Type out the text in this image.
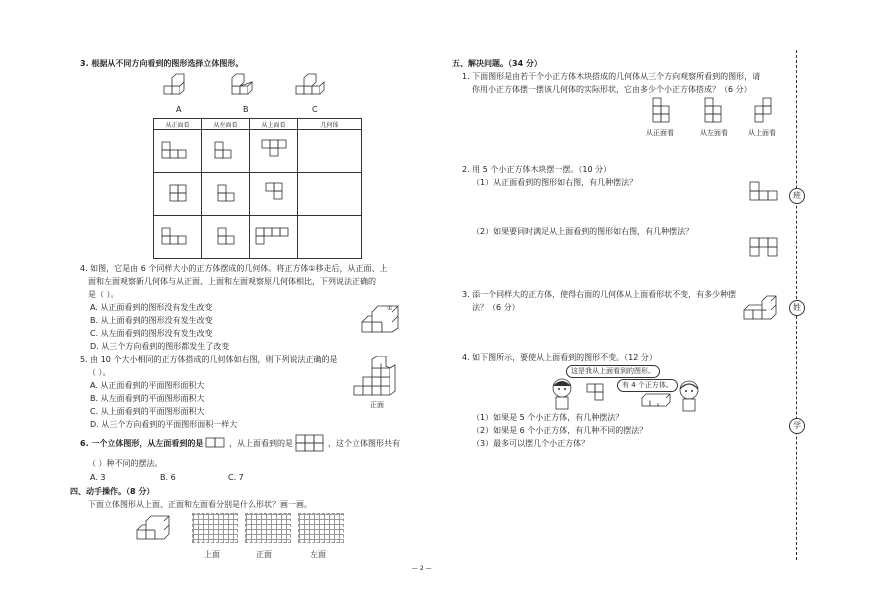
3. 根据从不同方向看到的图形选择立体图形。
A	B	C
从正面看	从左面看	从上面看	几何体

4. 如图，它是由 6 个同样大小的正方体摆成的几何体。将正方体①移走后，从正面、上
面和左面观察新几何体与从正面、上面和左面观察原几何体相比，下列说法正确的
是（ ）。
A. 从正面看到的图形没有发生改变
B. 从上面看到的图形没有发生改变
C. 从左面看到的图形没有发生改变
D. 从三个方向看到的图形都发生了改变
①
5. 由 10 个大小相同的正方体搭成的几何体如右图，则下列说法正确的是
（ ）。
A. 从正面看到的平面图形面积大
B. 从左面看到的平面图形面积大
C. 从上面看到的平面图形面积大
D. 从三个方向看到的平面图形面积一样大
正面
6. 一个立体图形，从左面看到的是	，从上面看到的是	，这个立体图形共有
（ ）种不同的摆法。
A. 3	B. 6	C. 7
四、动手操作。（8 分）
下面立体图形从上面、正面和左面看分别是什么形状？画一画。
上面	正面	左面
— 2 —
五、解决问题。（34 分）
1. 下面图形是由若干个小正方体木块搭成的几何体从三个方向观察所看到的图形，请
你用小正方体摆一摆该几何体的实际形状，它由多少个小正方体搭成？（6 分）
从正面看	从左面看	从上面看
2. 用 5 个小正方体木块摆一摆。（10 分）
（1）从正面看到的图形如右图，有几种摆法？
（2）如果要同时满足从上面看到的图形如右图，有几种摆法？
3. 添一个同样大的正方体，使得右面的几何体从上面看形状不变，有多少种摆
法？（6 分）
4. 如下图所示，要使从上面看到的图形不变。（12 分）
这是我从上面看到的图形。
有 4 个正方体。
（1）如果是 5 个小正方体，有几种摆法？
（2）如果是 6 个小正方体，有几种不同的摆法？
（3）最多可以摆几个小正方体？
班
姓
学
